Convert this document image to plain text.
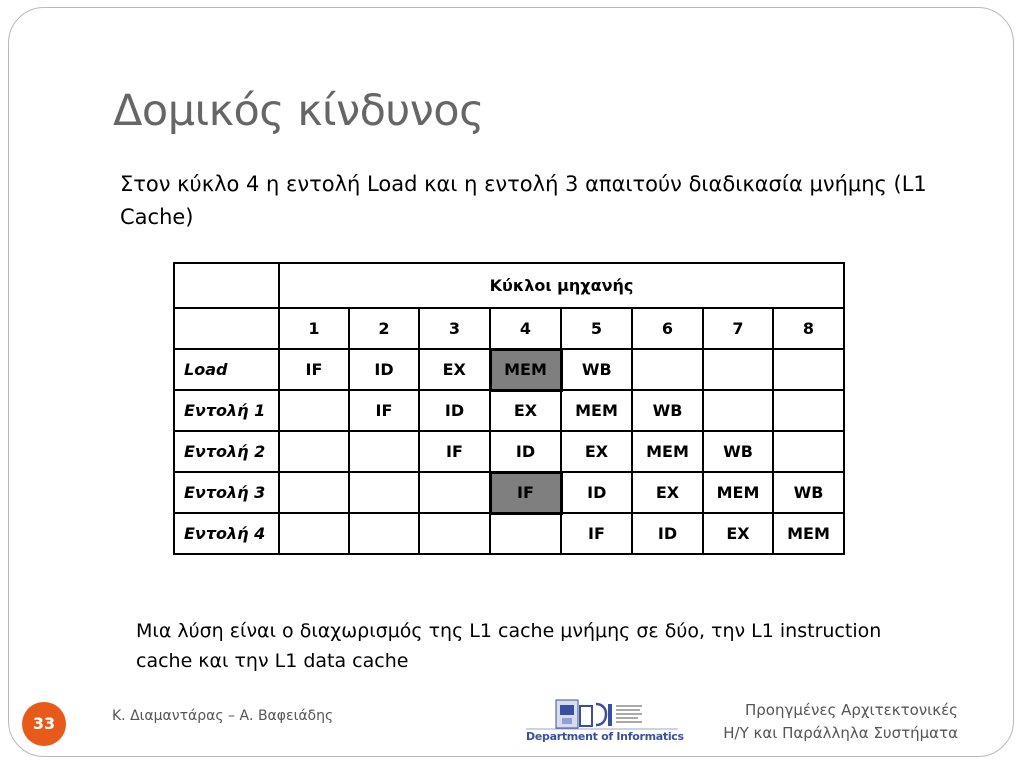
Δομικός κίνδυνος
Στον κύκλο 4 η εντολή Load και η εντολή 3 απαιτούν διαδικασία μνήμης (L1 Cache)
	Κύκλοι μηχανής							
	1	2	3	4	5	6	7	8
Load	IF	ID	EX	MEM	WB			
Εντολή 1		IF	ID	EX	MEM	WB		
Εντολή 2			IF	ID	EX	MEM	WB	
Εντολή 3				IF	ID	EX	MEM	WB
Εντολή 4					IF	ID	EX	MEM
Μια λύση είναι ο διαχωρισμός της L1 cache μνήμης σε δύο, την L1 instruction cache και την L1 data cache
33	Κ. Διαμαντάρας – Α. Βαφειάδης
Department of Informatics
Προηγμένες Αρχιτεκτονικές
Η/Υ και Παράλληλα Συστήματα
